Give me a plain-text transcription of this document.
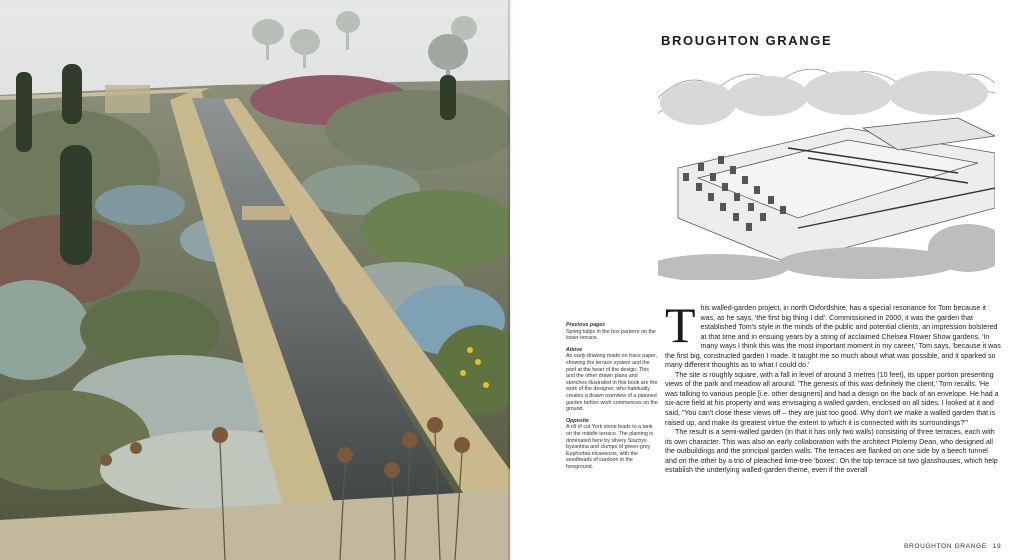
BROUGHTON GRANGE
Previous pages
Spring tulips in the box parterre on the lower terrace.
Above
An early drawing made on trace paper, showing the terrace system and the pool at the heart of the design. This and the other drawn plans and sketches illustrated in this book are the work of the designer, who habitually creates a drawn overview of a planned garden before work commences on the ground.
Opposite
A rill of cut York stone leads to a tank on the middle terrace. The planting is dominated here by silvery Stachys byzantina and clumps of green-grey Euphorbia nicaeensis, with the seedheads of cardoon in the foreground.

This walled-garden project, in north Oxfordshire, has a special resonance for Tom because it was, as he says, 'the first big thing I did'. Commissioned in 2000, it was the garden that established Tom's style in the minds of the public and potential clients, an impression bolstered at that time and in ensuing years by a string of acclaimed Chelsea Flower Show gardens. 'In many ways I think this was the most important moment in my career,' Tom says, 'because it was the first big, constructed garden I made. It taught me so much about what was possible, and it sparked so many different thoughts as to what I could do.'

The site is roughly square, with a fall in level of around 3 metres (10 feet), its upper portion presenting views of the park and meadow all around. 'The genesis of this was definitely the client,' Tom recalls. 'He was talking to various people [i.e. other designers] and had a design on the back of an envelope. He had a six-acre field at his property and was envisaging a walled garden, enclosed on all sides. I looked at it and said, "You can't close these views off – they are just too good. Why don't we make a walled garden that is raised up, and make its greatest virtue the extent to which it is connected with its surroundings?"'

The result is a semi-walled garden (in that it has only two walls) consisting of three terraces, each with its own character. This was also an early collaboration with the architect Ptolemy Dean, who designed all the outbuildings and the principal garden walls. The terraces are flanked on one side by a beech tunnel and on the other by a trio of pleached lime-tree 'boxes'. On the top terrace sit two glasshouses, which help establish the underlying walled-garden theme, even if the overall

BROUGHTON GRANGE 19
